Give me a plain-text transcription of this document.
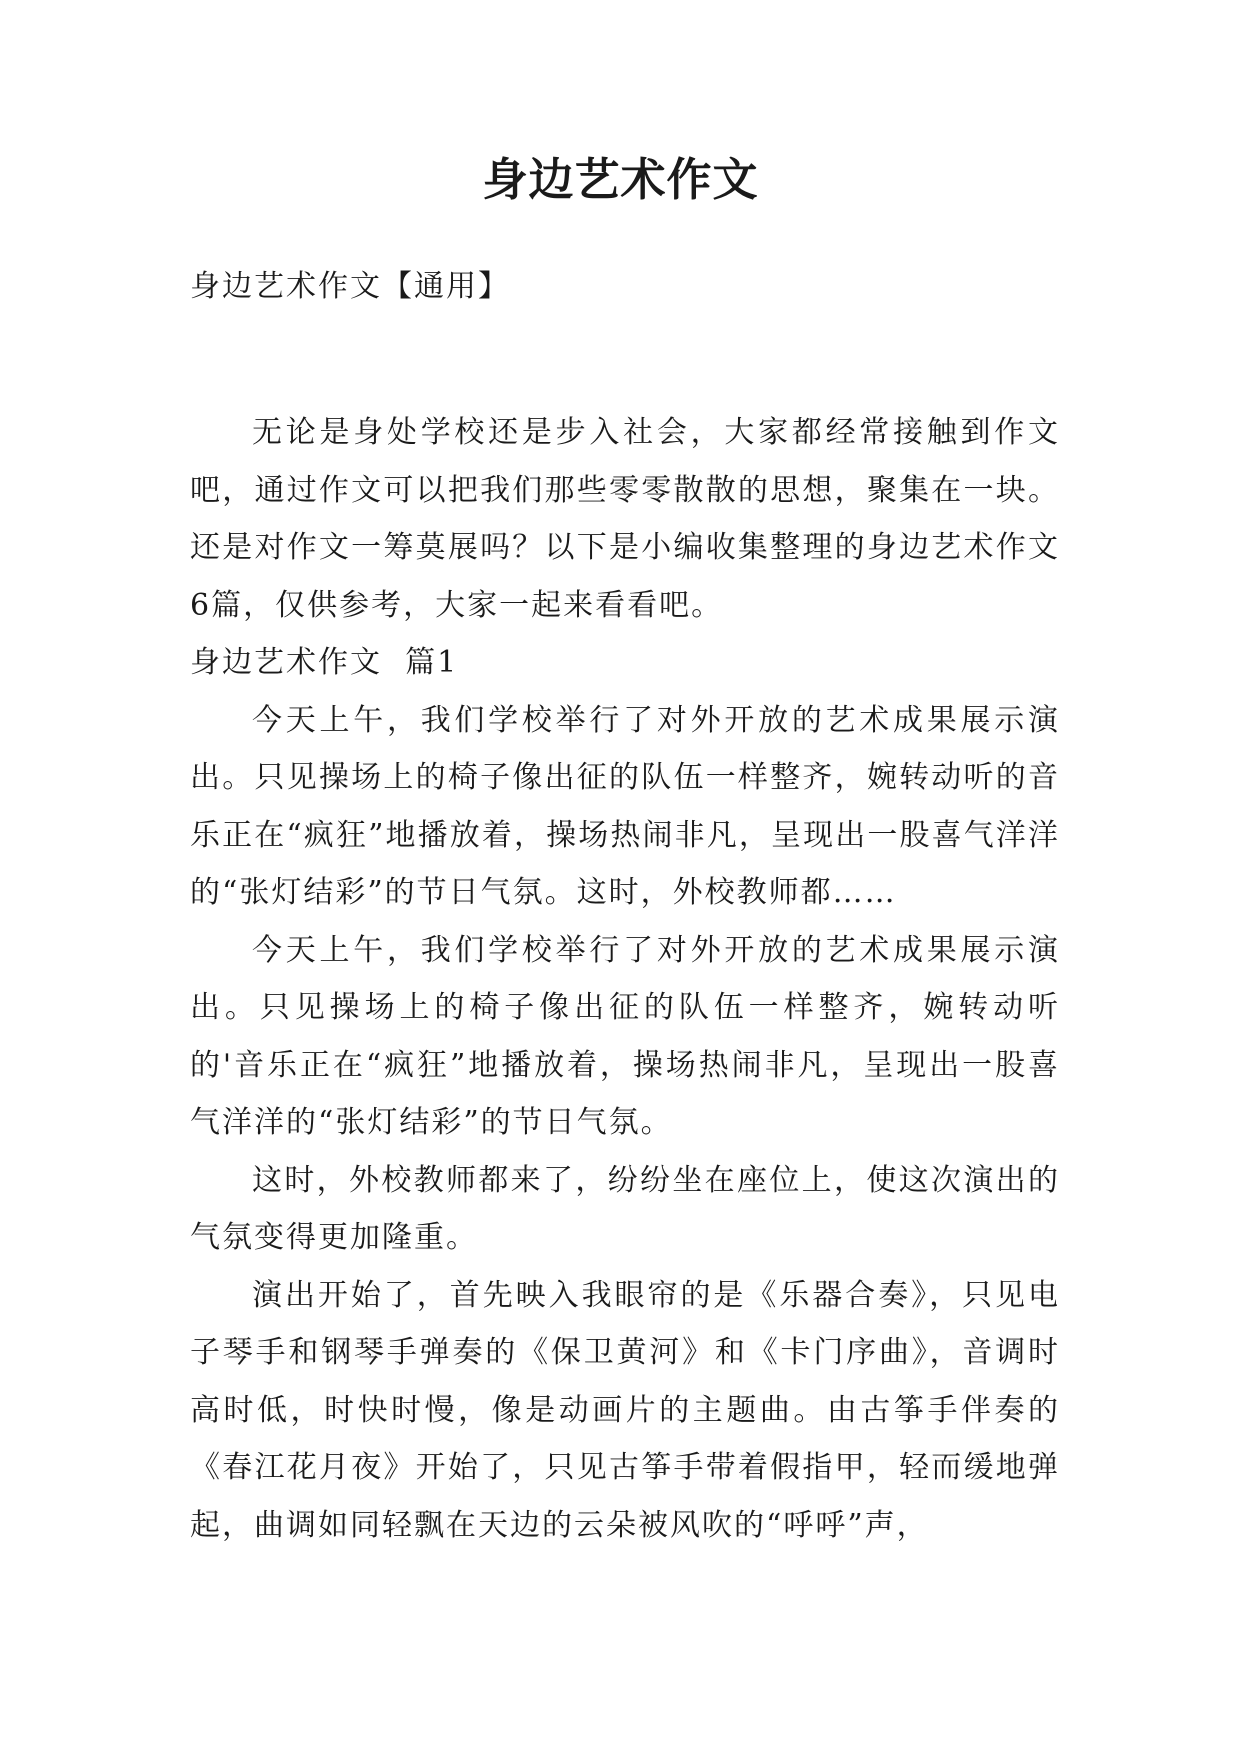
身边艺术作文

身边艺术作文【通用】

无论是身处学校还是步入社会，大家都经常接触到作文吧，通过作文可以把我们那些零零散散的思想，聚集在一块。还是对作文一筹莫展吗？以下是小编收集整理的身边艺术作文6篇，仅供参考，大家一起来看看吧。

身边艺术作文  篇1

今天上午，我们学校举行了对外开放的艺术成果展示演出。只见操场上的椅子像出征的队伍一样整齐，婉转动听的音乐正在“疯狂”地播放着，操场热闹非凡，呈现出一股喜气洋洋的“张灯结彩”的节日气氛。这时，外校教师都……

今天上午，我们学校举行了对外开放的艺术成果展示演出。只见操场上的椅子像出征的队伍一样整齐，婉转动听的'音乐正在“疯狂”地播放着，操场热闹非凡，呈现出一股喜气洋洋的“张灯结彩”的节日气氛。

这时，外校教师都来了，纷纷坐在座位上，使这次演出的气氛变得更加隆重。

演出开始了，首先映入我眼帘的是《乐器合奏》，只见电子琴手和钢琴手弹奏的《保卫黄河》和《卡门序曲》，音调时高时低，时快时慢，像是动画片的主题曲。由古筝手伴奏的《春江花月夜》开始了，只见古筝手带着假指甲，轻而缓地弹起，曲调如同轻飘在天边的云朵被风吹的“呼呼”声，
